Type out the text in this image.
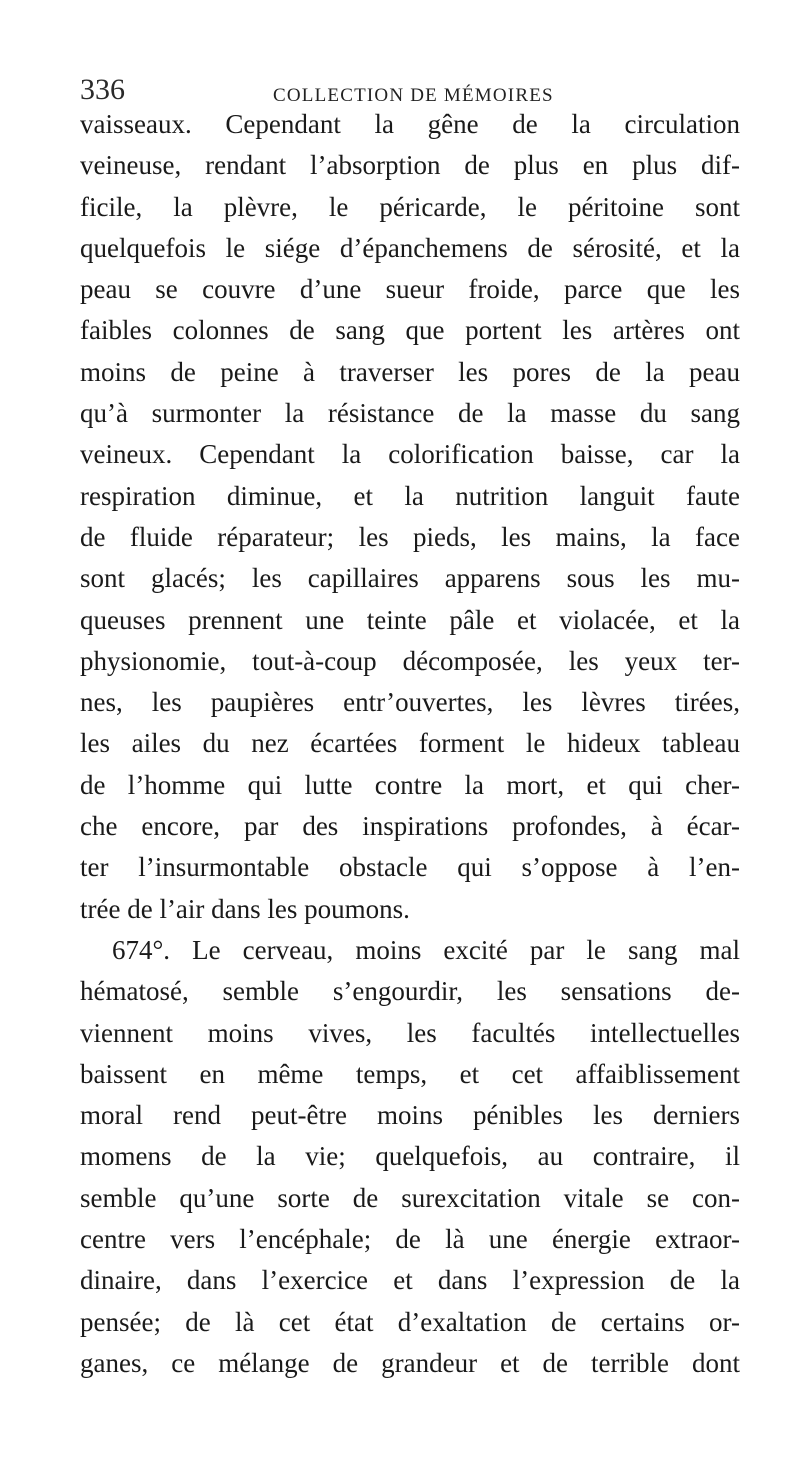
336	COLLECTION DE MÉMOIRES
vaisseaux. Cependant la gêne de la circulation
veineuse, rendant l’absorption de plus en plus dif-
ficile, la plèvre, le péricarde, le péritoine sont
quelquefois le siége d’épanchemens de sérosité, et la
peau se couvre d’une sueur froide, parce que les
faibles colonnes de sang que portent les artères ont
moins de peine à traverser les pores de la peau
qu’à surmonter la résistance de la masse du sang
veineux. Cependant la colorification baisse, car la
respiration diminue, et la nutrition languit faute
de fluide réparateur; les pieds, les mains, la face
sont glacés; les capillaires apparens sous les mu-
queuses prennent une teinte pâle et violacée, et la
physionomie, tout-à-coup décomposée, les yeux ter-
nes, les paupières entr’ouvertes, les lèvres tirées,
les ailes du nez écartées forment le hideux tableau
de l’homme qui lutte contre la mort, et qui cher-
che encore, par des inspirations profondes, à écar-
ter l’insurmontable obstacle qui s’oppose à l’en-
trée de l’air dans les poumons.
674°. Le cerveau, moins excité par le sang mal
hématosé, semble s’engourdir, les sensations de-
viennent moins vives, les facultés intellectuelles
baissent en même temps, et cet affaiblissement
moral rend peut-être moins pénibles les derniers
momens de la vie; quelquefois, au contraire, il
semble qu’une sorte de surexcitation vitale se con-
centre vers l’encéphale; de là une énergie extraor-
dinaire, dans l’exercice et dans l’expression de la
pensée; de là cet état d’exaltation de certains or-
ganes, ce mélange de grandeur et de terrible dont
